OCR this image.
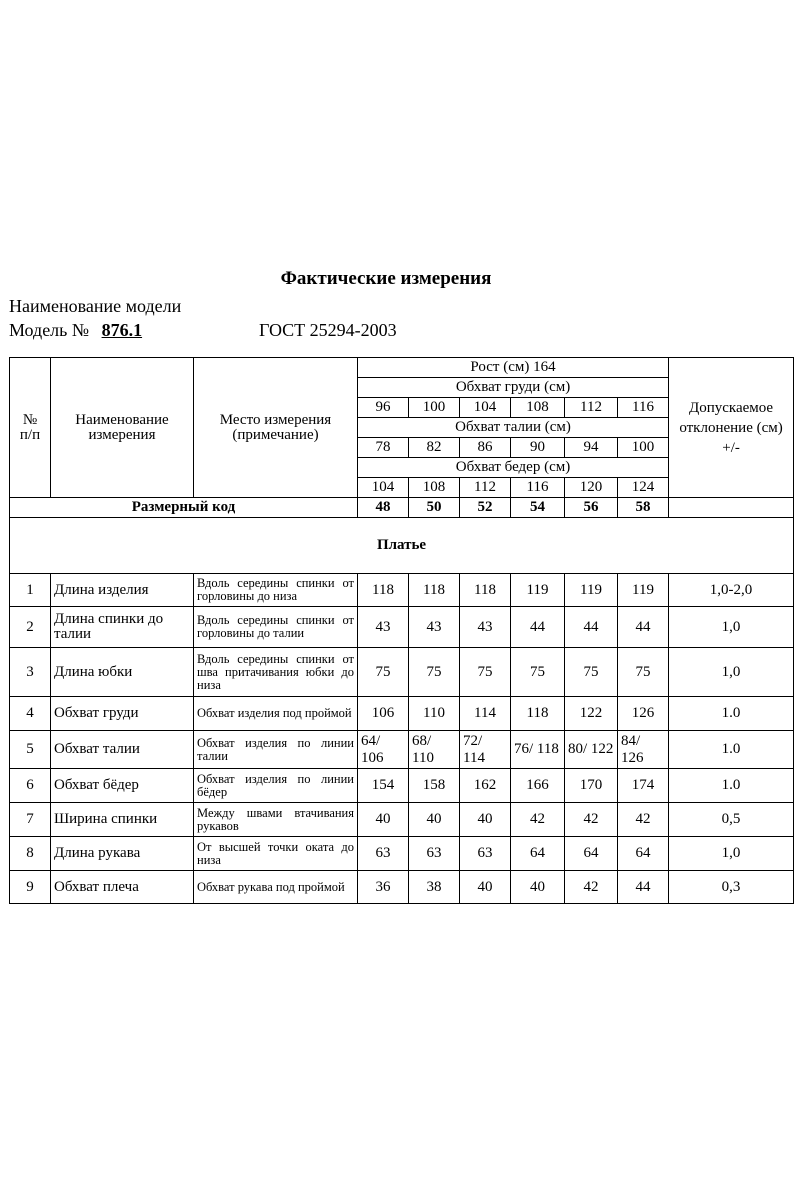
Фактические измерения
Наименование модели
Модель № 876.1	ГОСТ 25294-2003
№
п/п	Наименование измерения	Место измерения (примечание)	Рост (см) 164						Допускаемое отклонение (см) +/-
			Обхват груди (см)						
			96	100	104	108	112	116	
			Обхват талии (см)						
			78	82	86	90	94	100	
			Обхват бедер (см)						
			104	108	112	116	120	124	
Размерный код			48	50	52	54	56	58	
Платье									
1	Длина изделия	Вдоль середины спинки от горловины до низа	118	118	118	119	119	119	1,0-2,0
2	Длина спинки до талии	Вдоль середины спинки от горловины до талии	43	43	43	44	44	44	1,0
3	Длина юбки	Вдоль середины спинки от шва притачивания юбки до низа	75	75	75	75	75	75	1,0
4	Обхват груди	Обхват изделия под проймой	106	110	114	118	122	126	1.0
5	Обхват талии	Обхват изделия по линии талии	64/ 106	68/ 110	72/ 114	76/ 118	80/ 122	84/ 126	1.0
6	Обхват бёдер	Обхват изделия по линии бёдер	154	158	162	166	170	174	1.0
7	Ширина спинки	Между швами втачивания рукавов	40	40	40	42	42	42	0,5
8	Длина рукава	От высшей точки оката до низа	63	63	63	64	64	64	1,0
9	Обхват плеча	Обхват рукава под проймой	36	38	40	40	42	44	0,3
